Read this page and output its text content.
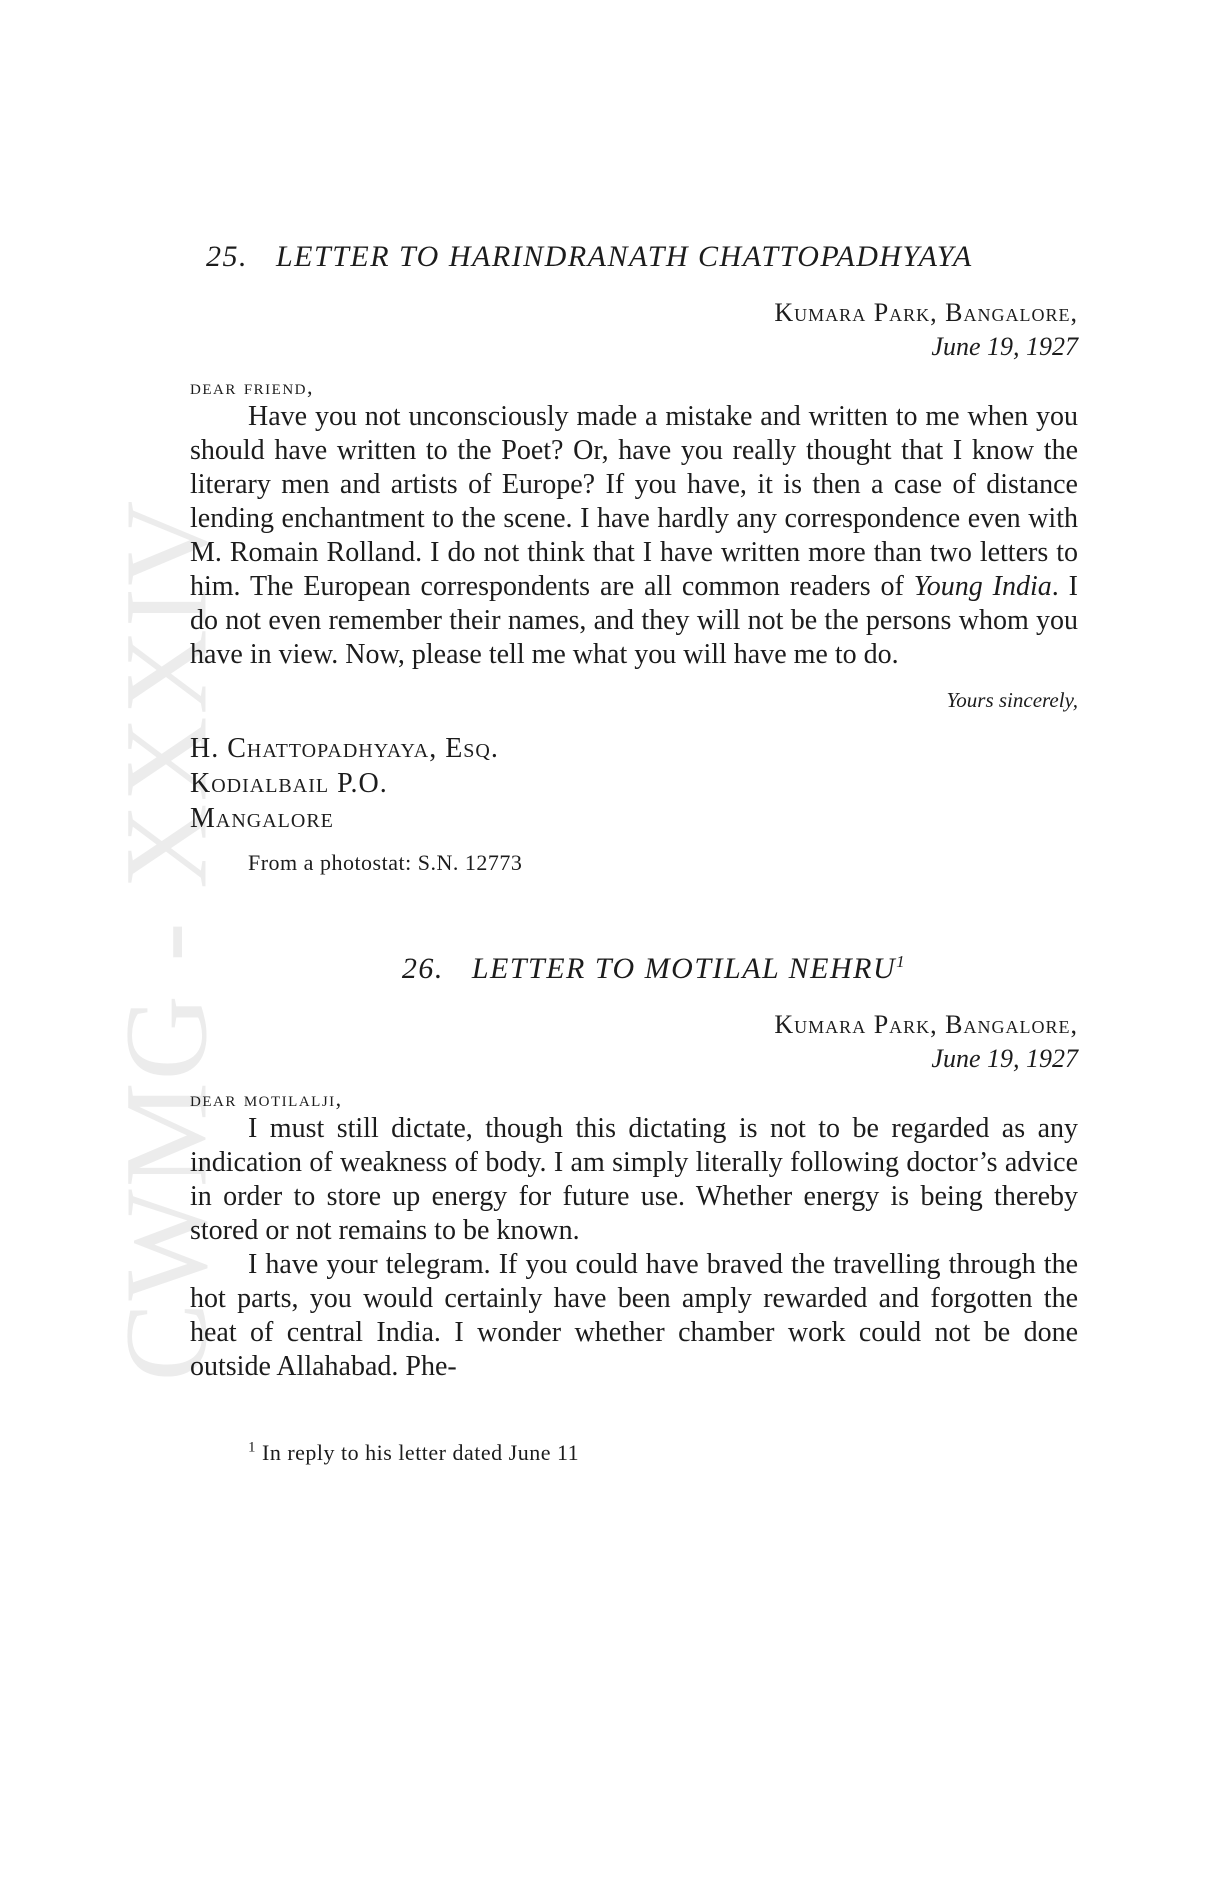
CWMG - XXXIV
25. LETTER TO HARINDRANATH CHATTOPADHYAYA
Kumara Park, Bangalore,
June 19, 1927
dear friend,

Have you not unconsciously made a mistake and written to me when you should have written to the Poet? Or, have you really thought that I know the literary men and artists of Europe? If you have, it is then a case of distance lending enchantment to the scene. I have hardly any correspondence even with M. Romain Rolland. I do not think that I have written more than two letters to him. The European correspondents are all common readers of Young India. I do not even remember their names, and they will not be the persons whom you have in view. Now, please tell me what you will have me to do.

Yours sincerely,
H. Chattopadhyaya, Esq.
Kodialbail P.O.
Mangalore
From a photostat: S.N. 12773
26. LETTER TO MOTILAL NEHRU$^1$
Kumara Park, Bangalore,
June 19, 1927
dear motilalji,

I must still dictate, though this dictating is not to be regarded as any indication of weakness of body. I am simply literally following doctor’s advice in order to store up energy for future use. Whether energy is being thereby stored or not remains to be known.

I have your telegram. If you could have braved the travelling through the hot parts, you would certainly have been amply rewarded and forgotten the heat of central India. I wonder whether chamber work could not be done outside Allahabad. Phe-

$^1$ In reply to his letter dated June 11
